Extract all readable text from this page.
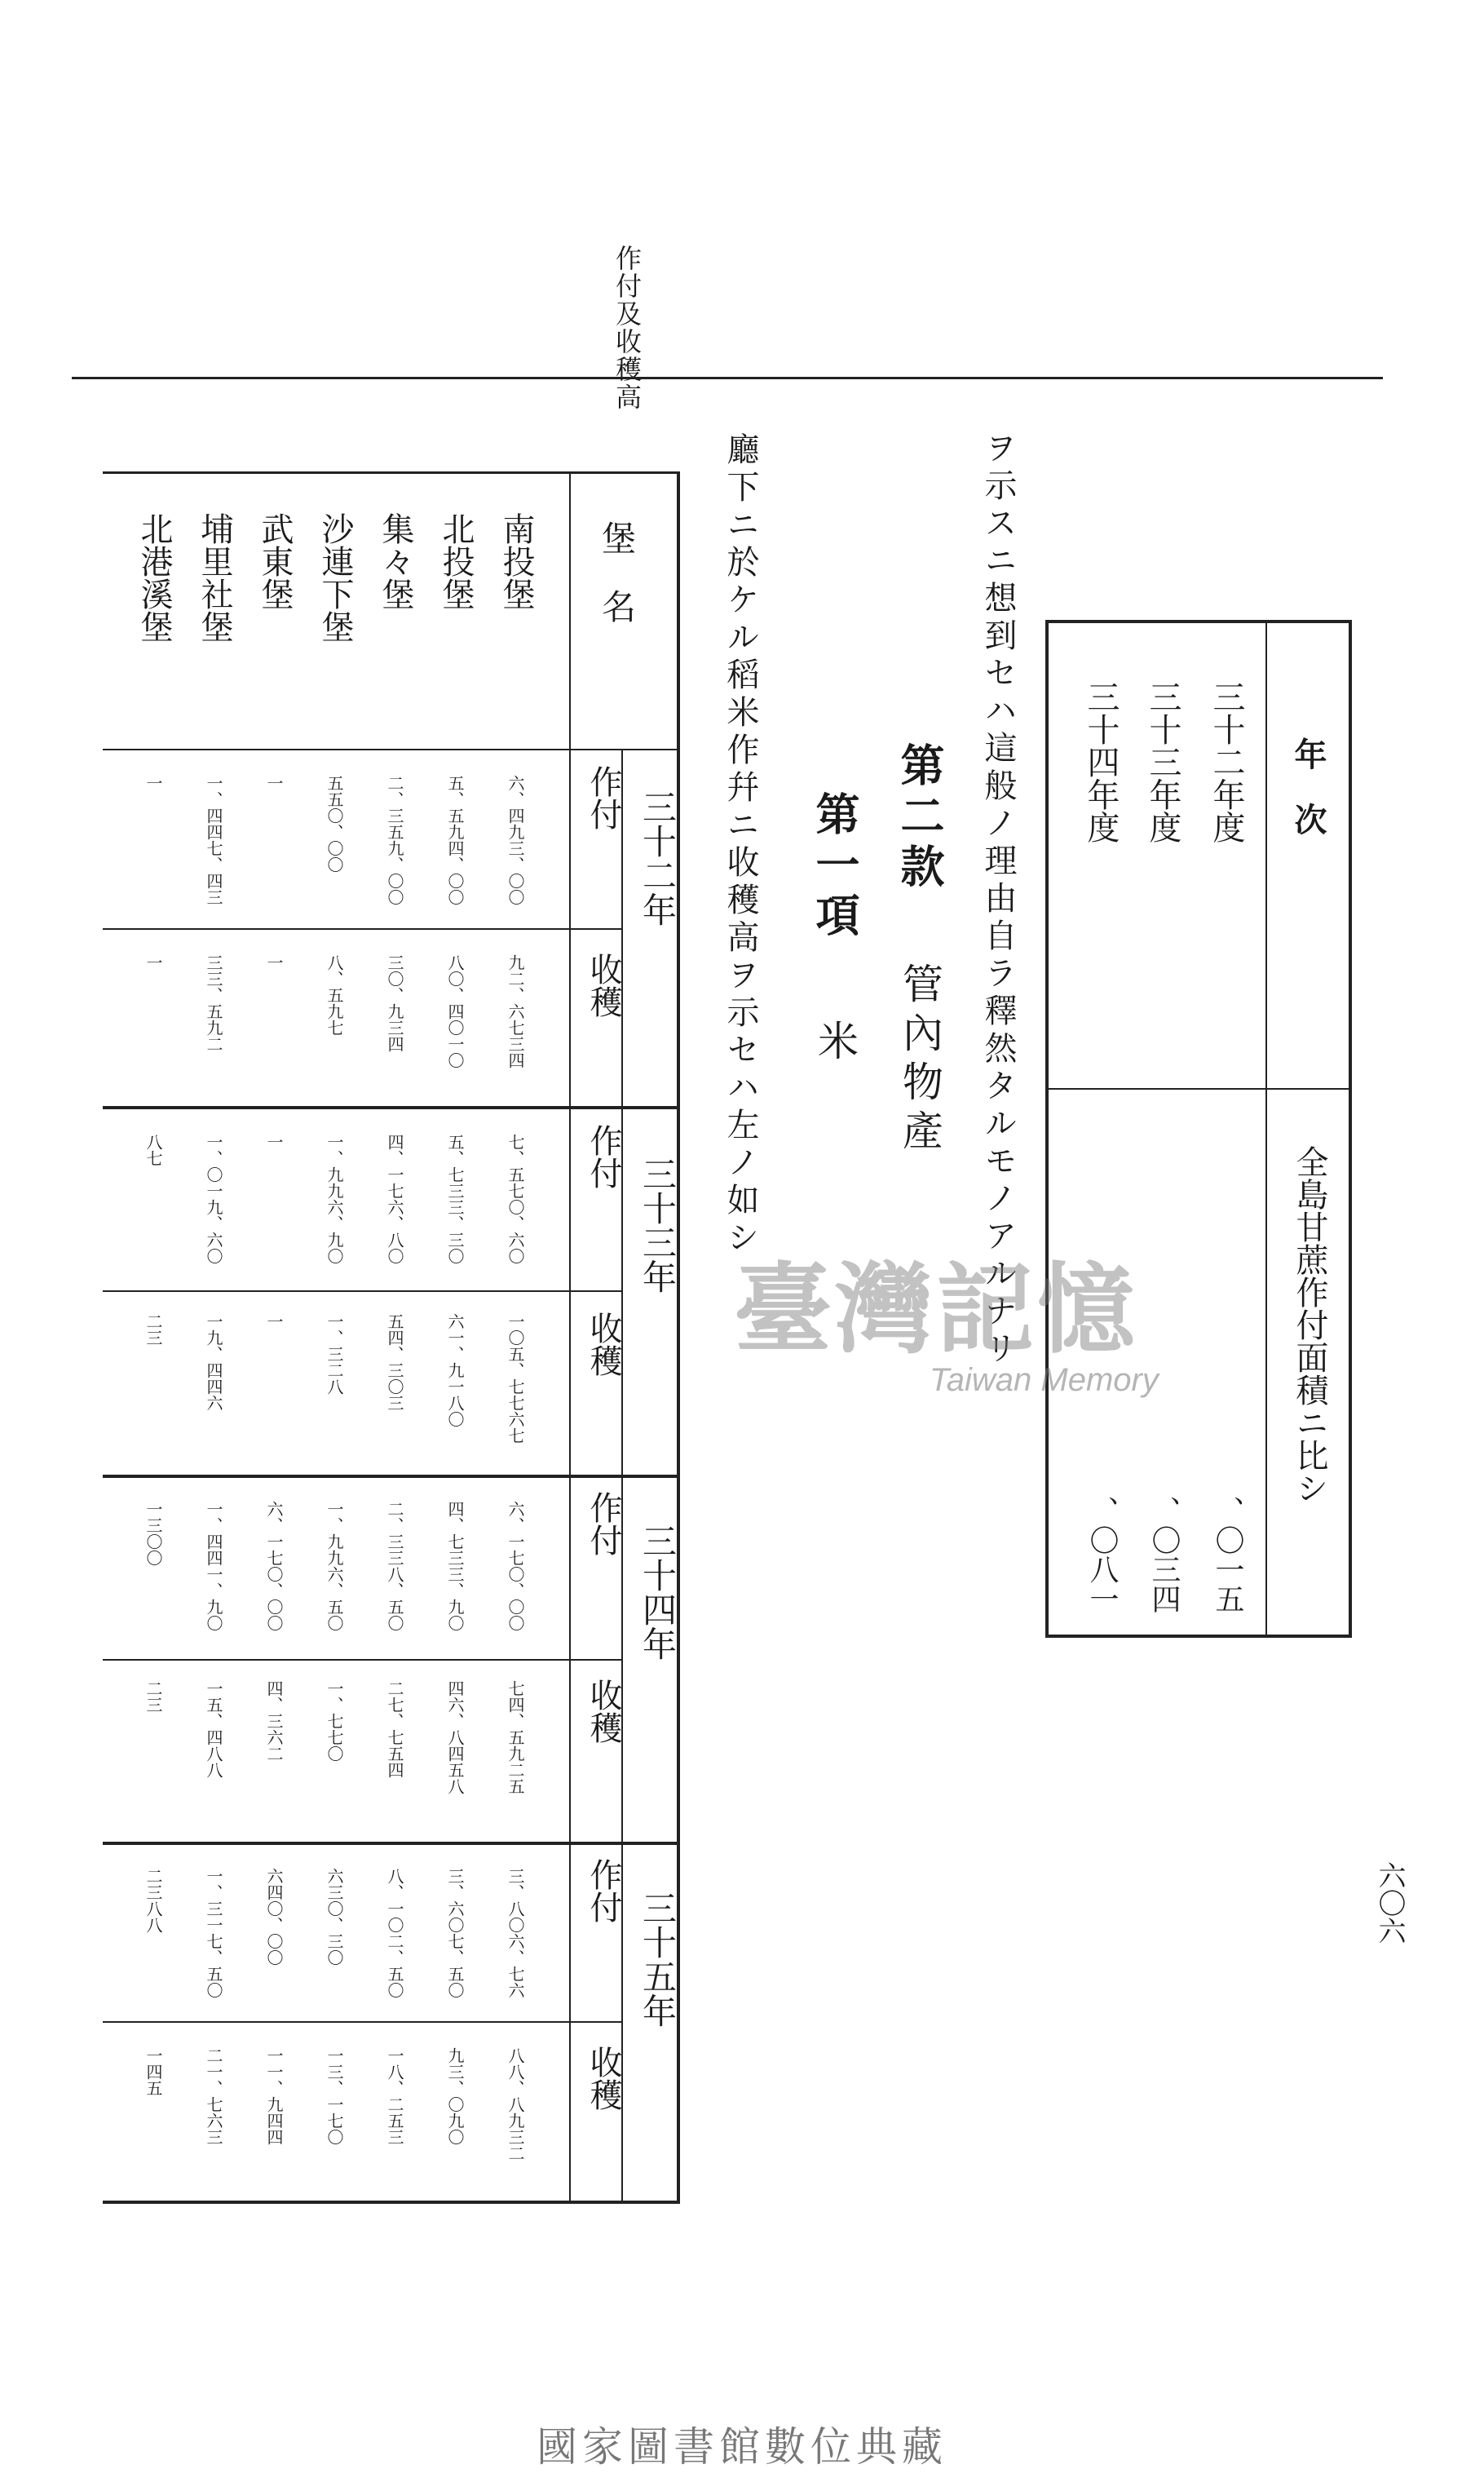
作付及收穫高
年　次
全島甘蔗作付面積ニ比シ
三十二年度
三十三年度
三十四年度
、〇一五
、〇三四
、〇八一
ヲ示スニ想到セハ這般ノ理由自ラ釋然タルモノアルナリ
第二款
管內物產
第一項
米
廳下ニ於ケル稻米作幷ニ收穫高ヲ示セハ左ノ如シ
堡　名
南投堡
北投堡
集々堡
沙連下堡
武東堡
埔里社堡
北港溪堡
三十二年
三十三年
三十四年
三十五年
作付
收穫
作付
收穫
作付
收穫
作付
收穫
六、四九三、〇〇
九二、六七三四
七、五七〇、六〇
一〇五、七七六七
六、一七〇、〇〇
七四、五九二五
三、八〇六、七六
八八、八九三二
五、五九四、〇〇
八〇、四〇一〇
五、七三三、三〇
六一、九一八〇
四、七三三、九〇
四六、八四五八
三、六〇七、五〇
九三、〇九〇
二、三五九、〇〇
三〇、九三四
四、一七六、八〇
五四、三〇三
二、三三八、五〇
二七、七五四
八、一〇二、五〇
一八、二五三
五五〇、〇〇
八、五九七
一、九九六、九〇
一、三二八
一、九九六、五〇
一、七七〇
六三〇、三〇
一三、一七〇
一
一
一
一
六、一七〇、〇〇
四、三六二
六四〇、〇〇
一一、九四四
一、四四七、四三
三三、五九二
一、〇一九、六〇
一九、四四六
一、四四一、九〇
一五、四八八
一、三一七、五〇
二一、七六三
一
一
八七
二三
一三〇〇
二三
二三八八
一四五
六〇六
臺灣記憶
Taiwan Memory
國家圖書館數位典藏
